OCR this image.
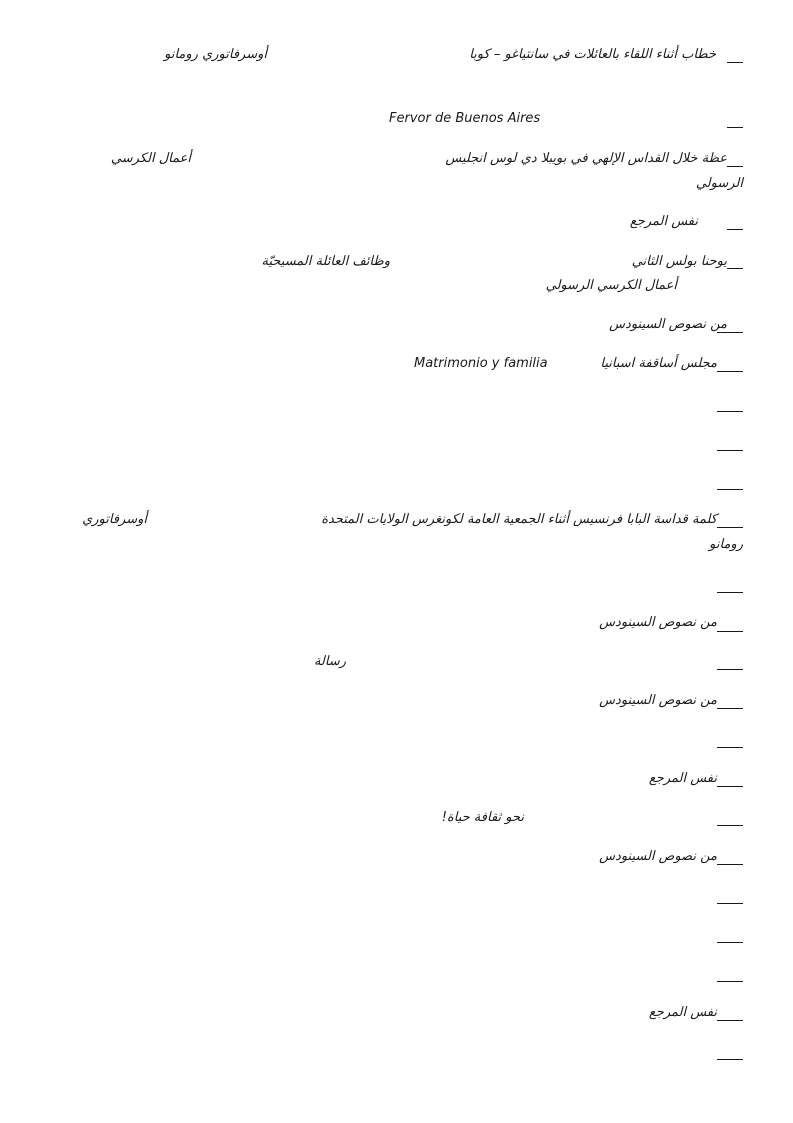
خطاب أثناء اللقاء بالعائلات في سانتياغو – كوبا
أوسرفاتوري رومانو
Fervor de Buenos Aires
عظة خلال القداس الإلهي في بويبلا دي لوس انجليس
الرسولي
أعمال الكرسي
نفس المرجع
يوحنا بولس الثاني
وظائف العائلة المسيحيّة
أعمال الكرسي الرسولي
من نصوص السينودس
مجلس أساقفة اسبانيا
Matrimonio y familia
كلمة قداسة البابا فرنسيس أثناء الجمعية العامة لكونغرس الولايات المتحدة
رومانو
أوسرفاتوري
من نصوص السينودس
رسالة
من نصوص السينودس
نفس المرجع
نحو ثقافة حياة!
من نصوص السينودس
نفس المرجع
